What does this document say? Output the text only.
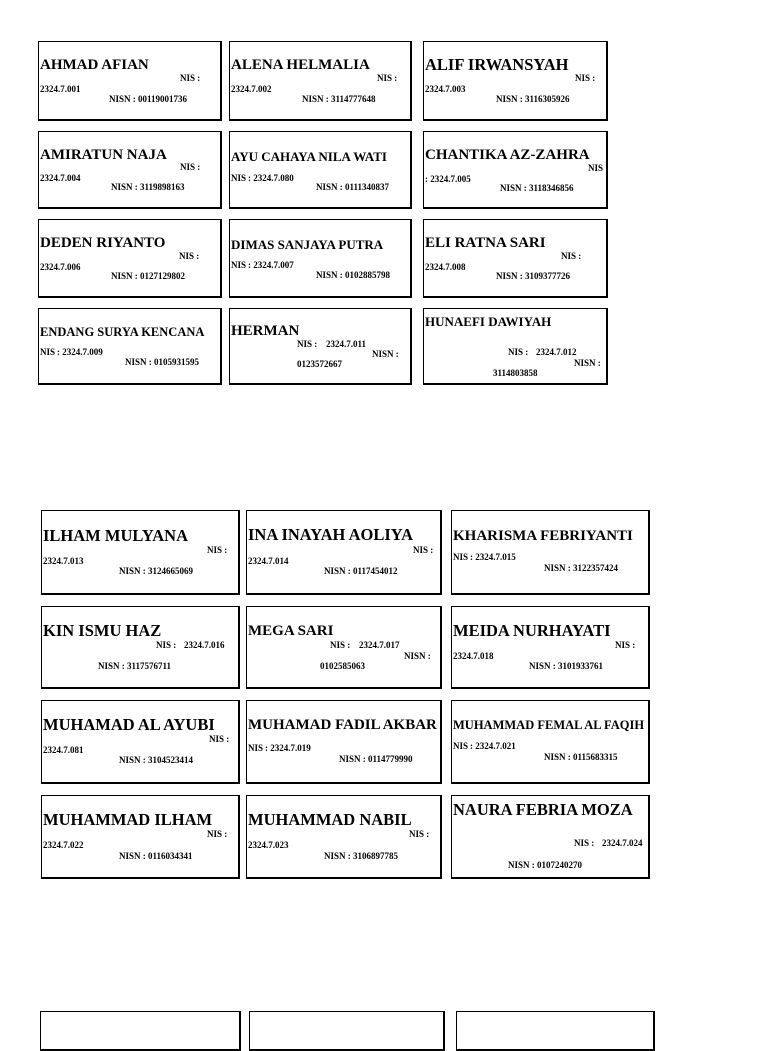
AHMAD AFIAN
NIS :
2324.7.001
NISN : 00119001736
ALENA HELMALIA
NIS :
2324.7.002
NISN : 3114777648
ALIF IRWANSYAH
NIS :
2324.7.003
NISN : 3116305926
AMIRATUN NAJA
NIS :
2324.7.004
NISN : 3119898163
AYU CAHAYA NILA WATI
NIS : 2324.7.080
NISN : 0111340837
CHANTIKA AZ-ZAHRA
NIS
: 2324.7.005
NISN : 3118346856
DEDEN RIYANTO
NIS :
2324.7.006
NISN : 0127129802
DIMAS SANJAYA PUTRA
NIS : 2324.7.007
NISN : 0102885798
ELI RATNA SARI
NIS :
2324.7.008
NISN : 3109377726
ENDANG SURYA KENCANA
NIS : 2324.7.009
NISN : 0105931595
HERMAN
NIS : 2324.7.011
NISN :
0123572667
HUNAEFI DAWIYAH
NIS : 2324.7.012
NISN :
3114803858
ILHAM MULYANA
NIS :
2324.7.013
NISN : 3124665069
INA INAYAH AOLIYA
NIS :
2324.7.014
NISN : 0117454012
KHARISMA FEBRIYANTI
NIS : 2324.7.015
NISN : 3122357424
KIN ISMU HAZ
NIS : 2324.7.016
NISN : 3117576711
MEGA SARI
NIS : 2324.7.017
NISN :
0102585063
MEIDA NURHAYATI
NIS :
2324.7.018
NISN : 3101933761
MUHAMAD AL AYUBI
NIS :
2324.7.081
NISN : 3104523414
MUHAMAD FADIL AKBAR
NIS : 2324.7.019
NISN : 0114779990
MUHAMMAD FEMAL AL FAQIH
NIS : 2324.7.021
NISN : 0115683315
MUHAMMAD ILHAM
NIS :
2324.7.022
NISN : 0116034341
MUHAMMAD NABIL
NIS :
2324.7.023
NISN : 3106897785
NAURA FEBRIA MOZA
NIS : 2324.7.024
NISN : 0107240270
